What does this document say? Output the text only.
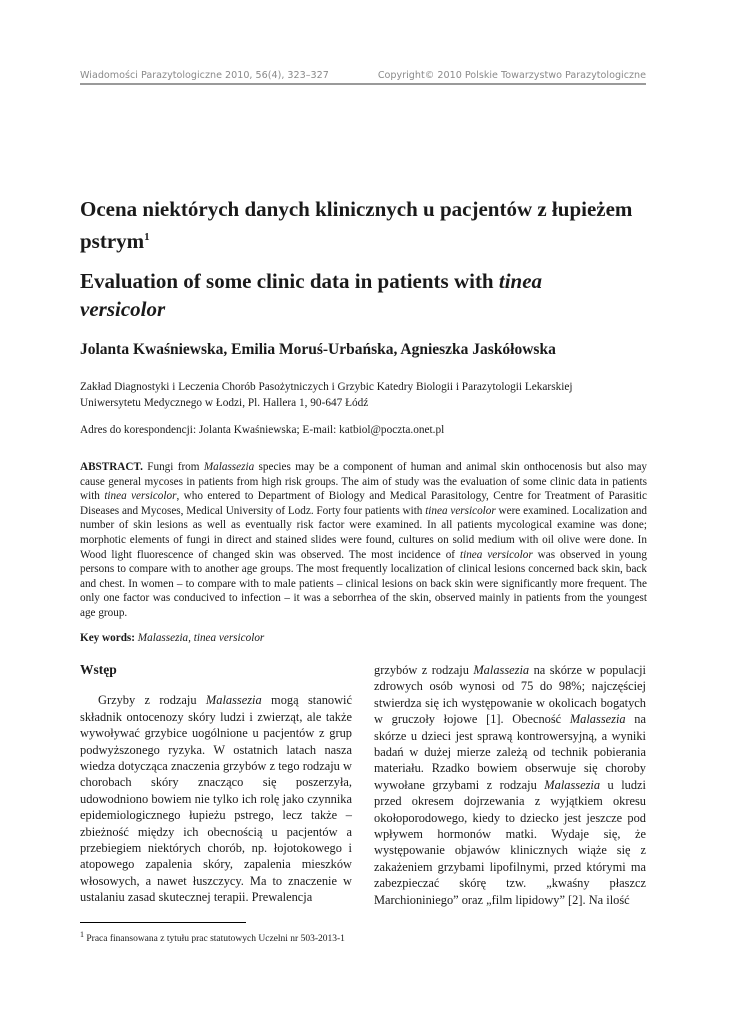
Wiadomości Parazytologiczne 2010, 56(4), 323–327	Copyright© 2010 Polskie Towarzystwo Parazytologiczne
Ocena niektórych danych klinicznych u pacjentów z łupieżem
pstrym$^1$
Evaluation of some clinic data in patients with tinea
versicolor
Jolanta Kwaśniewska, Emilia Moruś-Urbańska, Agnieszka Jaskółowska
Zakład Diagnostyki i Leczenia Chorób Pasożytniczych i Grzybic Katedry Biologii i Parazytologii Lekarskiej
Uniwersytetu Medycznego w Łodzi, Pl. Hallera 1, 90-647 Łódź
Adres do korespondencji: Jolanta Kwaśniewska; E-mail: katbiol@poczta.onet.pl
ABSTRACT. Fungi from Malassezia species may be a component of human and animal skin onthocenosis but also may cause general mycoses in patients from high risk groups. The aim of study was the evaluation of some clinic data in patients with tinea versicolor, who entered to Department of Biology and Medical Parasitology, Centre for Treatment of Parasitic Diseases and Mycoses, Medical University of Lodz. Forty four patients with tinea versicolor were examined. Localization and number of skin lesions as well as eventually risk factor were examined. In all patients mycological examine was done; morphotic elements of fungi in direct and stained slides were found, cultures on solid medium with oil olive were done. In Wood light fluorescence of changed skin was observed. The most incidence of tinea versicolor was observed in young persons to compare with to another age groups. The most frequently localization of clinical lesions concerned back skin, back and chest. In women – to compare with to male patients – clinical lesions on back skin were significantly more frequent. The only one factor was conducived to infection – it was a seborrhea of the skin, observed mainly in patients from the youngest age group.
Key words: Malassezia, tinea versicolor
Wstęp

Grzyby z rodzaju Malassezia mogą stanowić składnik ontocenozy skóry ludzi i zwierząt, ale także wywoływać grzybice uogólnione u pacjentów z grup podwyższonego ryzyka. W ostatnich latach nasza wiedza dotycząca znaczenia grzybów z tego rodzaju w chorobach skóry znacząco się poszerzyła, udowodniono bowiem nie tylko ich rolę jako czynnika epidemiologicznego łupieżu pstrego, lecz także – zbieżność między ich obecnością u pacjentów a przebiegiem niektórych chorób, np. łojotokowego i atopowego zapalenia skóry, zapalenia mieszków włosowych, a nawet łuszczycy. Ma to znaczenie w ustalaniu zasad skutecznej terapii. Prewalencja

grzybów z rodzaju Malassezia na skórze w populacji zdrowych osób wynosi od 75 do 98%; najczęściej stwierdza się ich występowanie w okolicach bogatych w gruczoły łojowe [1]. Obecność Malassezia na skórze u dzieci jest sprawą kontrowersyjną, a wyniki badań w dużej mierze zależą od technik pobierania materiału. Rzadko bowiem obserwuje się choroby wywołane grzybami z rodzaju Malassezia u ludzi przed okresem dojrzewania z wyjątkiem okresu okołoporodowego, kiedy to dziecko jest jeszcze pod wpływem hormonów matki. Wydaje się, że występowanie objawów klinicznych wiąże się z zakażeniem grzybami lipofilnymi, przed którymi ma zabezpieczać skórę tzw. „kwaśny płaszcz Marchioniniego” oraz „film lipidowy” [2]. Na ilość

$^1$ Praca finansowana z tytułu prac statutowych Uczelni nr 503-2013-1
